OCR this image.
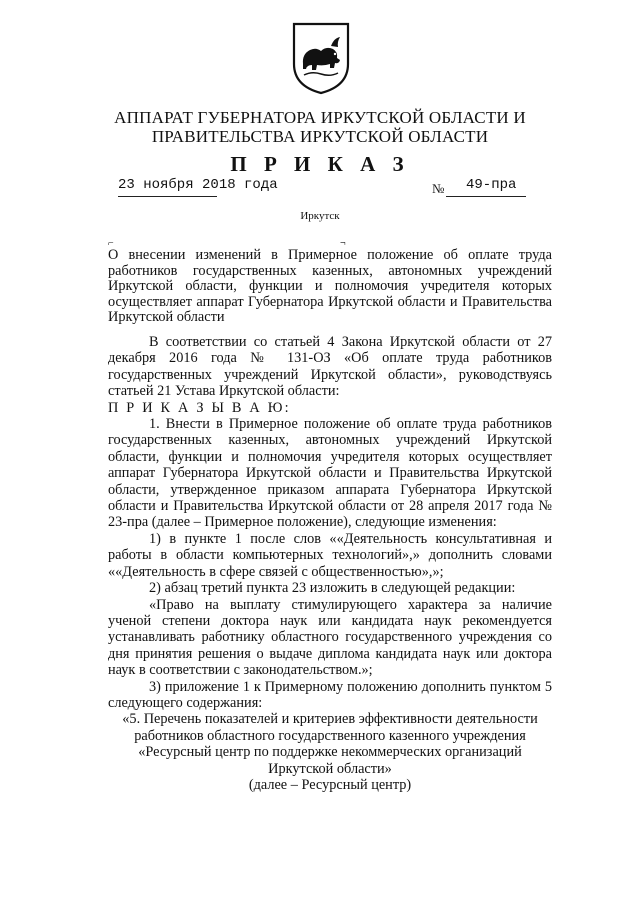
АППАРАТ ГУБЕРНАТОРА ИРКУТСКОЙ ОБЛАСТИ И
ПРАВИТЕЛЬСТВА ИРКУТСКОЙ ОБЛАСТИ
П Р И К А З
23 ноября 2018 года	№ 49-пра
Иркутск
⌐	¬
О внесении изменений в Примерное положение об оплате труда работников государственных казенных, автономных учреждений Иркутской области, функции и полномочия учредителя которых осуществляет аппарат Губернатора Иркутской области и Правительства Иркутской области

В соответствии со статьей 4 Закона Иркутской области от 27 декабря 2016 года № 131-ОЗ «Об оплате труда работников государственных учреждений Иркутской области», руководствуясь статьей 21 Устава Иркутской области:

П Р И К А З Ы В А Ю:

1. Внести в Примерное положение об оплате труда работников государственных казенных, автономных учреждений Иркутской области, функции и полномочия учредителя которых осуществляет аппарат Губернатора Иркутской области и Правительства Иркутской области, утвержденное приказом аппарата Губернатора Иркутской области и Правительства Иркутской области от 28 апреля 2017 года № 23-пра (далее – Примерное положение), следующие изменения:

1) в пункте 1 после слов ««Деятельность консультативная и работы в области компьютерных технологий»,» дополнить словами ««Деятельность в сфере связей с общественностью»,»;

2) абзац третий пункта 23 изложить в следующей редакции:

«Право на выплату стимулирующего характера за наличие ученой степени доктора наук или кандидата наук рекомендуется устанавливать работнику областного государственного учреждения со дня принятия решения о выдаче диплома кандидата наук или доктора наук в соответствии с законодательством.»;

3) приложение 1 к Примерному положению дополнить пунктом 5 следующего содержания:

«5. Перечень показателей и критериев эффективности деятельности работников областного государственного казенного учреждения «Ресурсный центр по поддержке некоммерческих организаций Иркутской области»

(далее – Ресурсный центр)
